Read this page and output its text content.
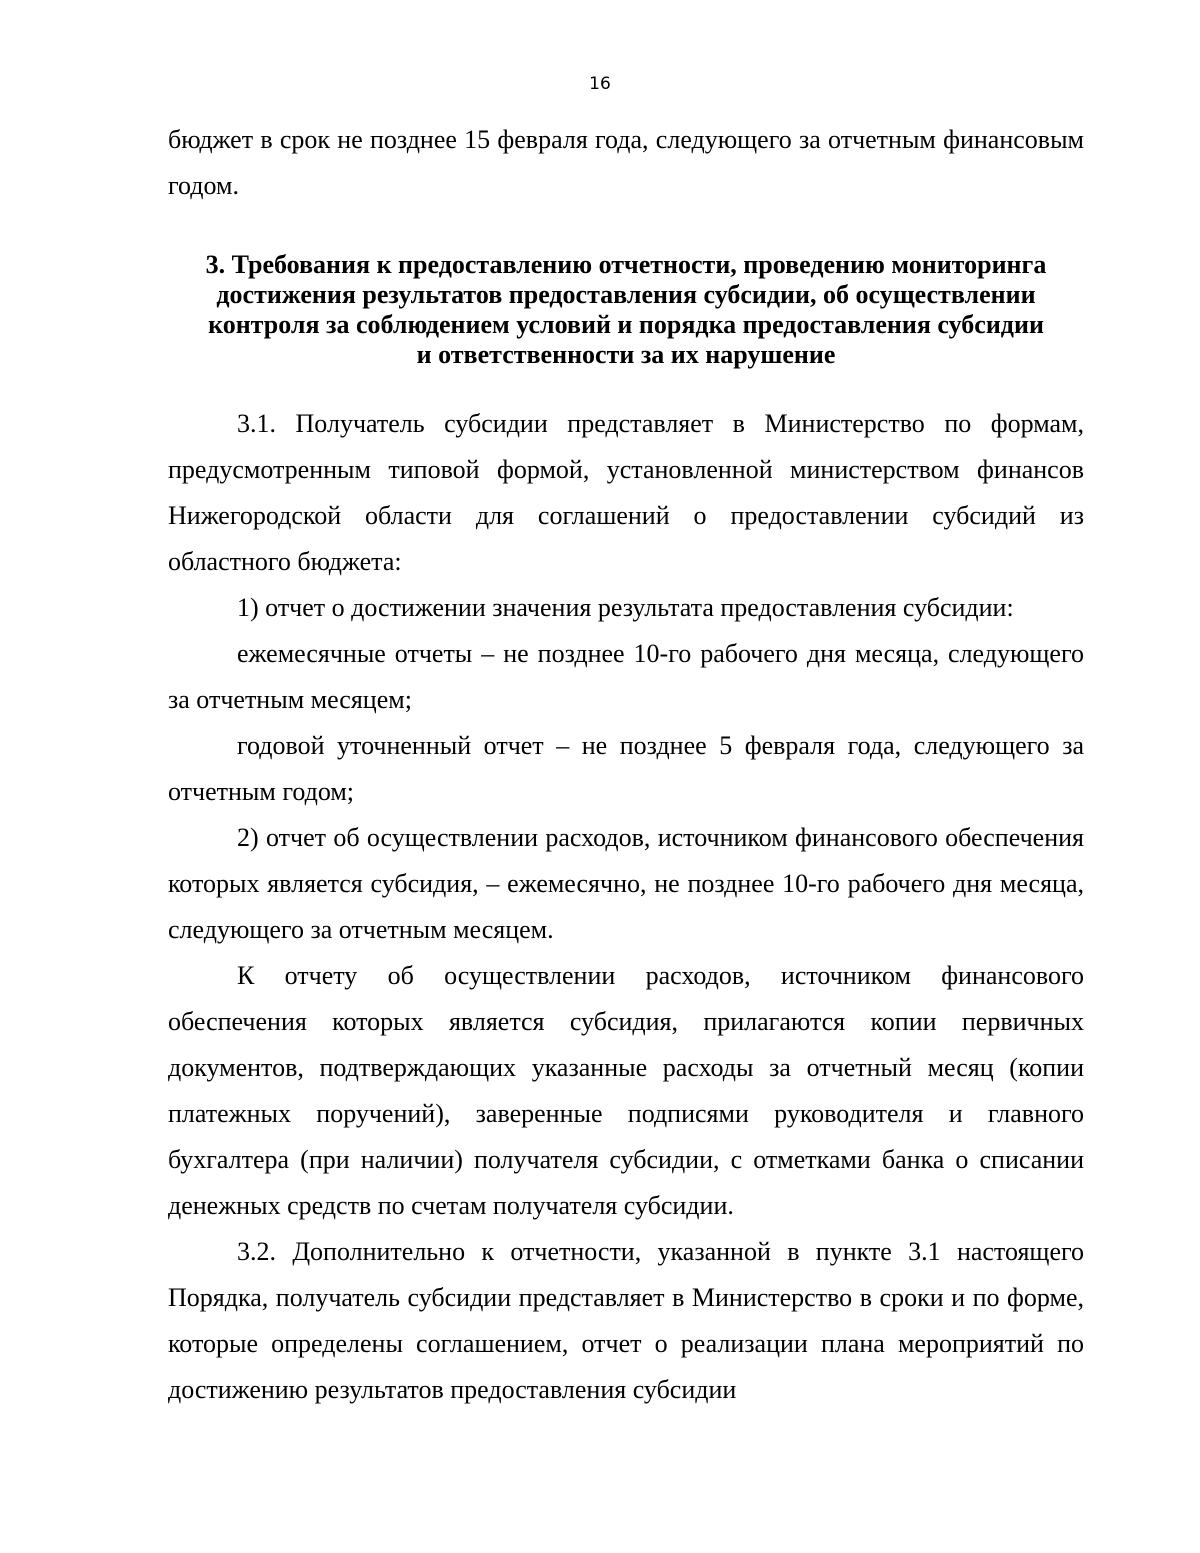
16

бюджет в срок не позднее 15 февраля года, следующего за отчетным финансовым годом.

3. Требования к предоставлению отчетности, проведению мониторинга
достижения результатов предоставления субсидии, об осуществлении
контроля за соблюдением условий и порядка предоставления субсидии
и ответственности за их нарушение

3.1. Получатель субсидии представляет в Министерство по формам, предусмотренным типовой формой, установленной министерством финансов Нижегородской области для соглашений о предоставлении субсидий из областного бюджета:

1) отчет о достижении значения результата предоставления субсидии:

ежемесячные отчеты – не позднее 10-го рабочего дня месяца, следующего за отчетным месяцем;

годовой уточненный отчет – не позднее 5 февраля года, следующего за отчетным годом;

2) отчет об осуществлении расходов, источником финансового обеспечения которых является субсидия, – ежемесячно, не позднее 10-го рабочего дня месяца, следующего за отчетным месяцем.

К отчету об осуществлении расходов, источником финансового обеспечения которых является субсидия, прилагаются копии первичных документов, подтверждающих указанные расходы за отчетный месяц (копии платежных поручений), заверенные подписями руководителя и главного бухгалтера (при наличии) получателя субсидии, с отметками банка о списании денежных средств по счетам получателя субсидии.

3.2. Дополнительно к отчетности, указанной в пункте 3.1 настоящего Порядка, получатель субсидии представляет в Министерство в сроки и по форме, которые определены соглашением, отчет о реализации плана мероприятий по достижению результатов предоставления субсидии
